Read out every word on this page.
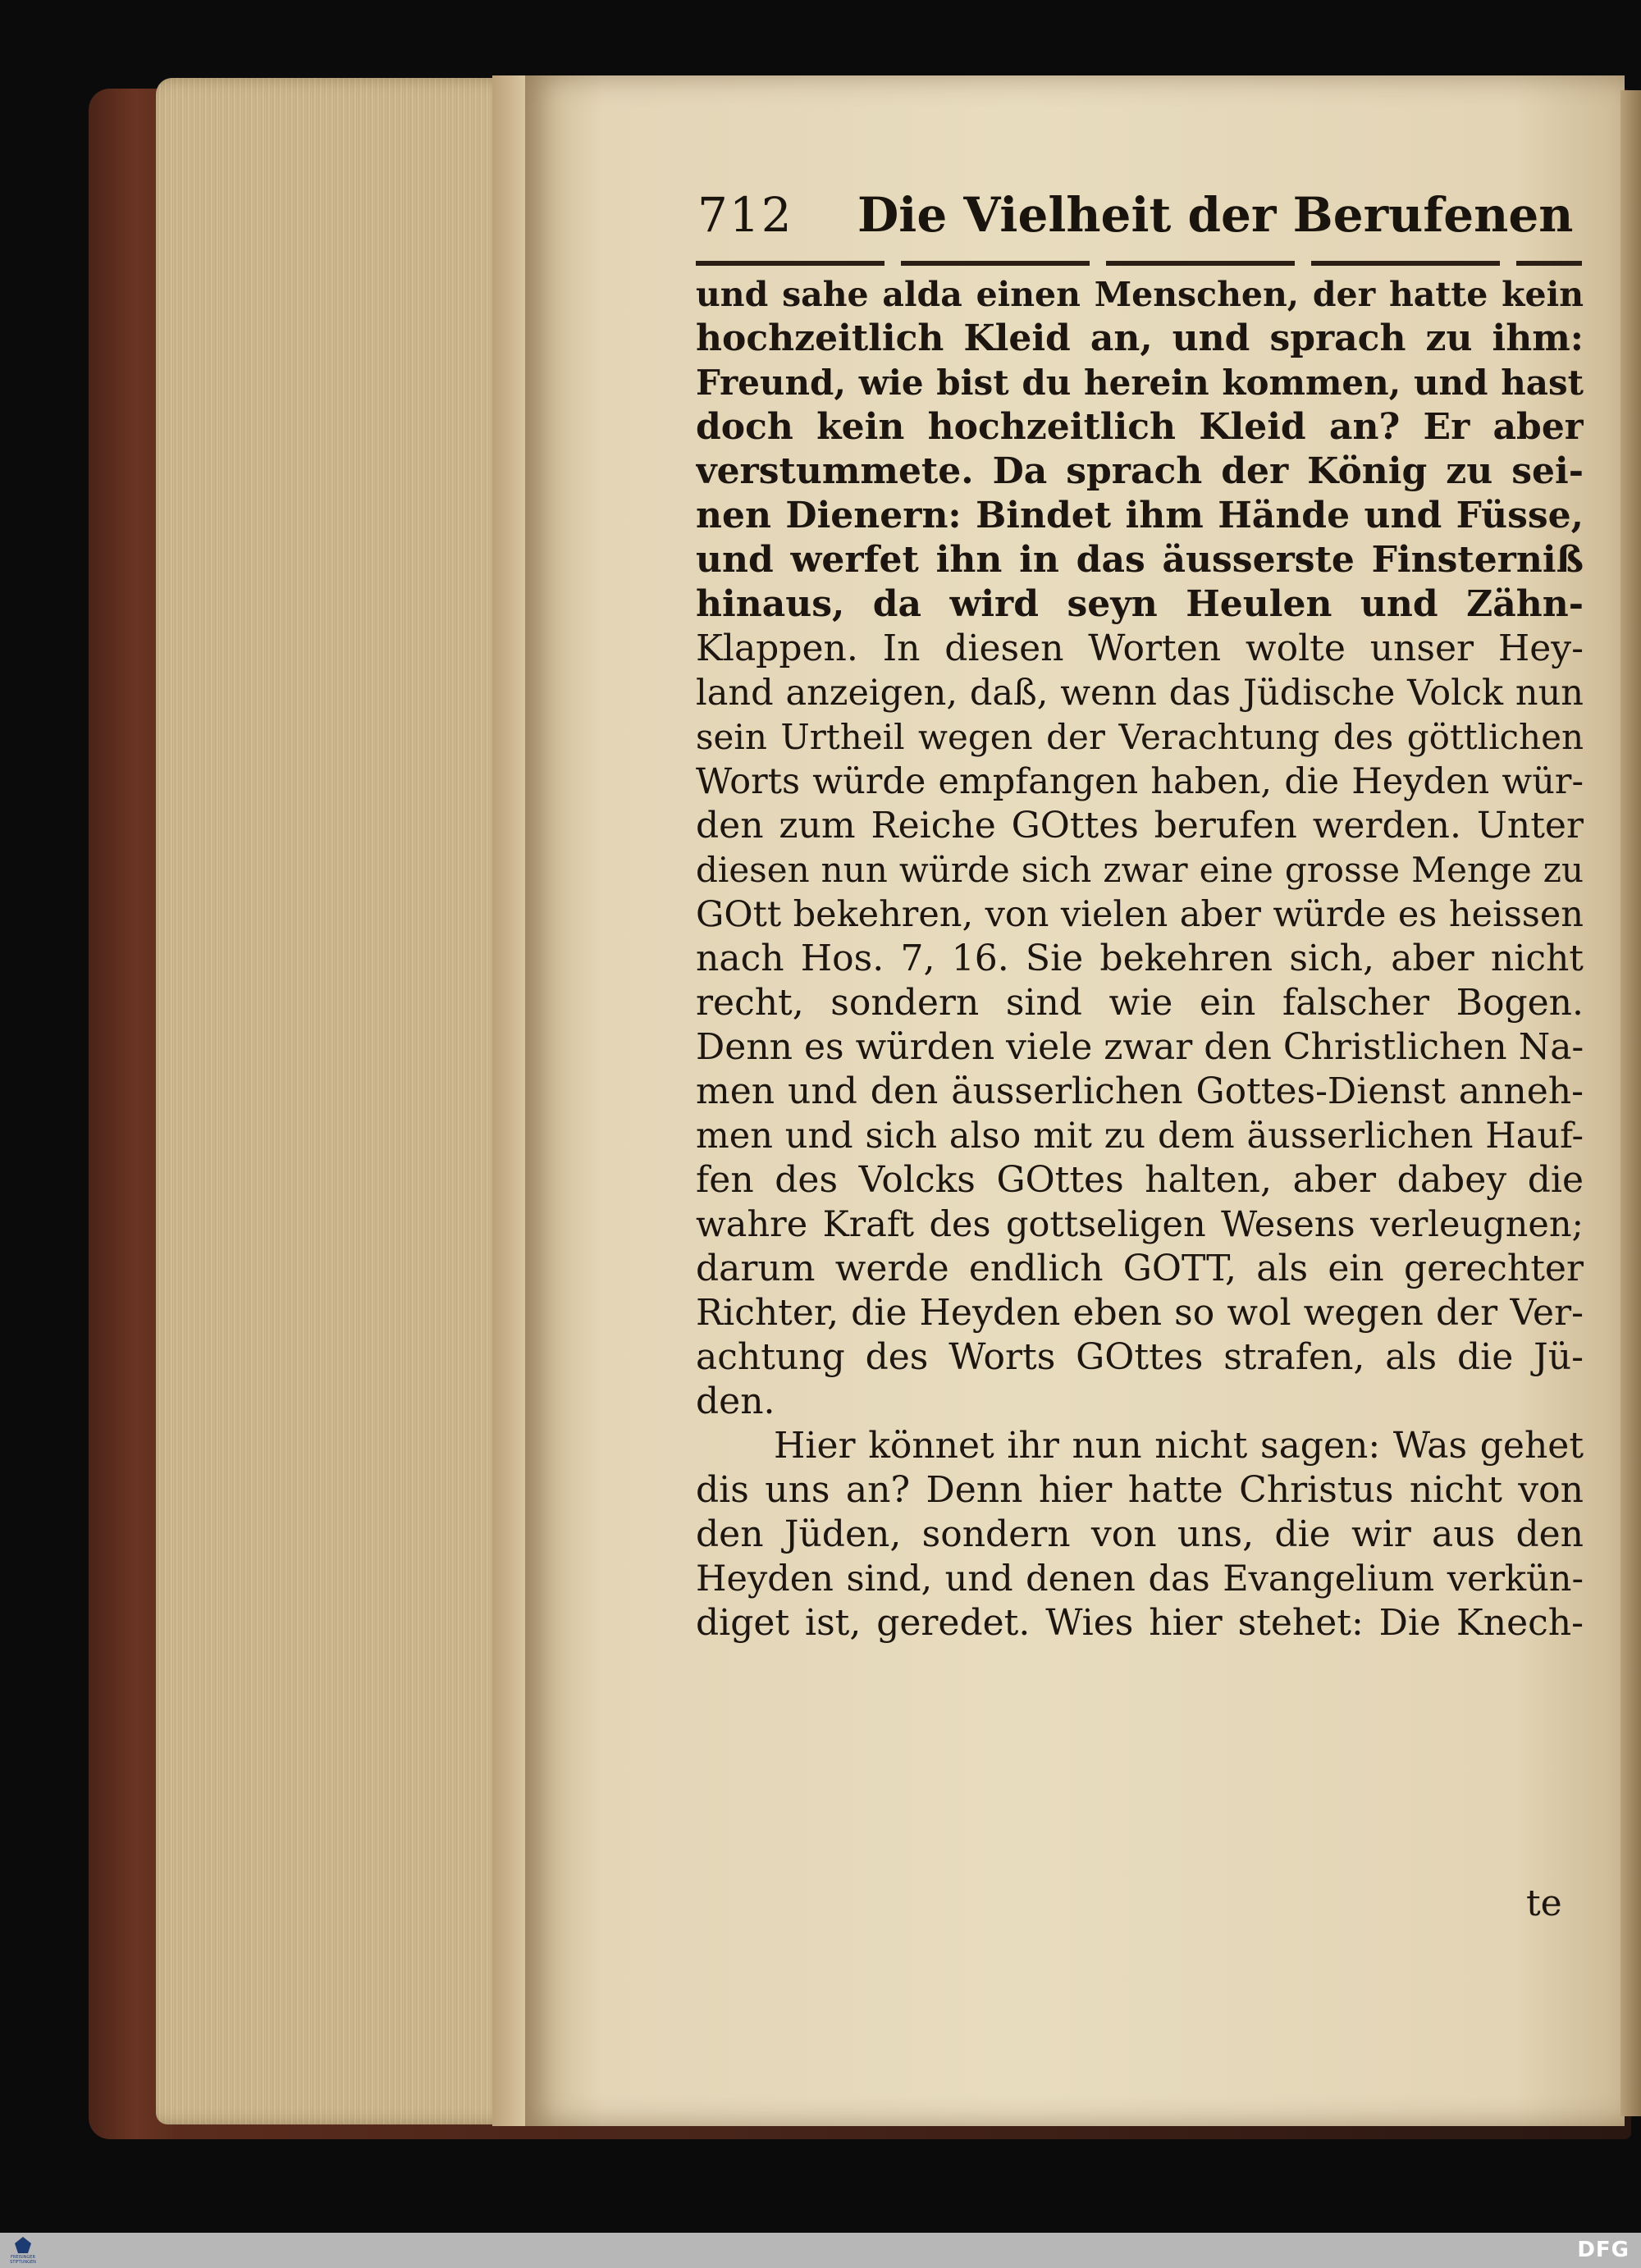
712 Die Vielheit der Berufenen
und sahe alda einen Menschen, der hatte kein
hochzeitlich Kleid an, und sprach zu ihm:
Freund, wie bist du herein kommen, und hast
doch kein hochzeitlich Kleid an? Er aber
verstummete. Da sprach der König zu sei-
nen Dienern: Bindet ihm Hände und Füsse,
und werfet ihn in das äusserste Finsterniß
hinaus, da wird seyn Heulen und Zähn-
Klappen. In diesen Worten wolte unser Hey-
land anzeigen, daß, wenn das Jüdische Volck nun
sein Urtheil wegen der Verachtung des göttlichen
Worts würde empfangen haben, die Heyden wür-
den zum Reiche GOttes berufen werden. Unter
diesen nun würde sich zwar eine grosse Menge zu
GOtt bekehren, von vielen aber würde es heissen
nach Hos. 7, 16. Sie bekehren sich, aber nicht
recht, sondern sind wie ein falscher Bogen.
Denn es würden viele zwar den Christlichen Na-
men und den äusserlichen Gottes-Dienst anneh-
men und sich also mit zu dem äusserlichen Hauf-
fen des Volcks GOttes halten, aber dabey die
wahre Kraft des gottseligen Wesens verleugnen;
darum werde endlich GOTT, als ein gerechter
Richter, die Heyden eben so wol wegen der Ver-
achtung des Worts GOttes strafen, als die Jü-
den.
Hier könnet ihr nun nicht sagen: Was gehet
dis uns an? Denn hier hatte Christus nicht von
den Jüden, sondern von uns, die wir aus den
Heyden sind, und denen das Evangelium verkün-
diget ist, geredet. Wies hier stehet: Die Knech-
te
FREISINGER STIFTUNGEN	DFG
